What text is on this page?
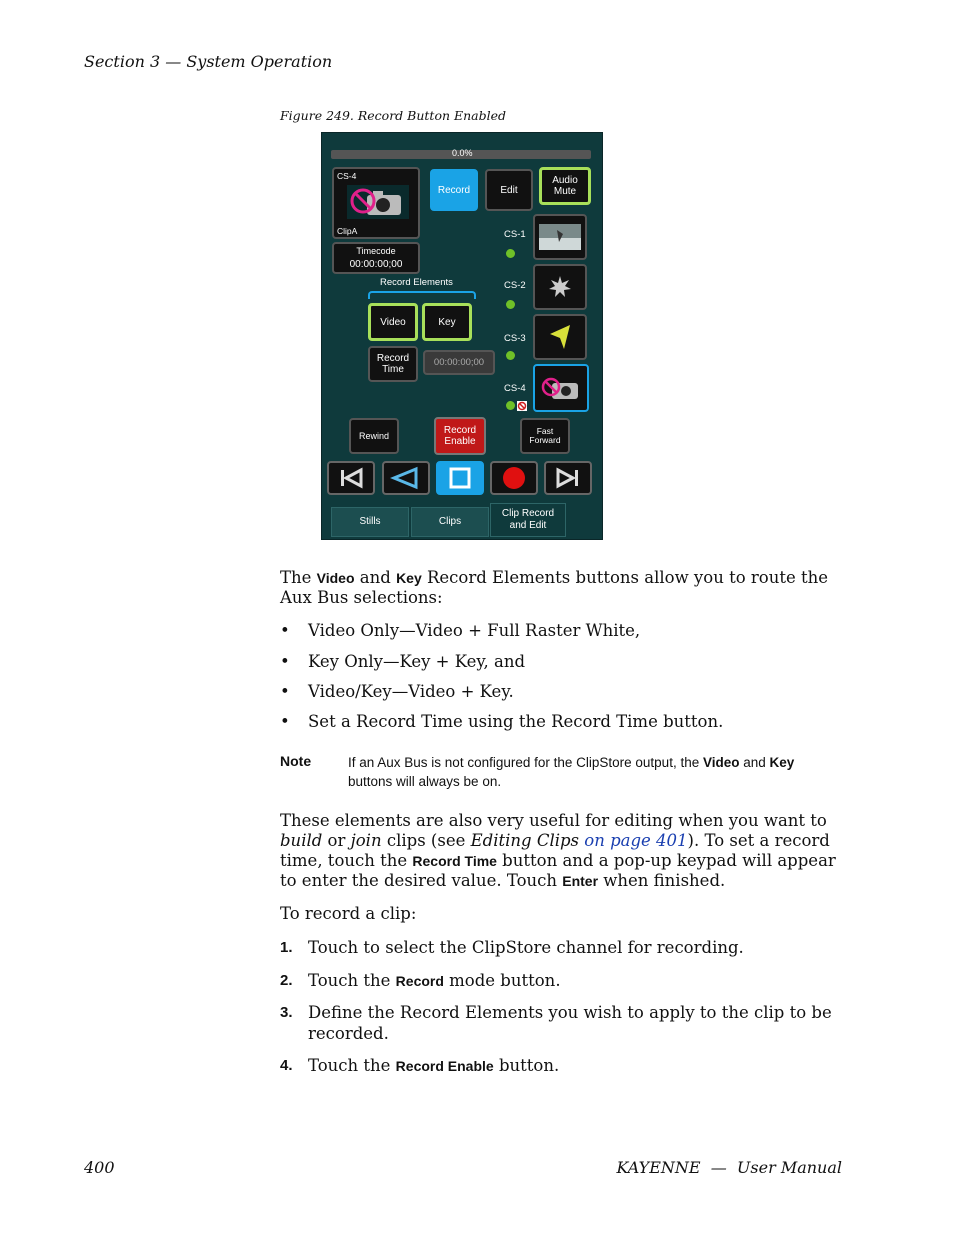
Section 3 — System Operation
Figure 249. Record Button Enabled
0.0%
CS-4
ClipA
Record	Edit
Audio
Mute
Timecode
00:00:00;00
Record Elements
Video	Key
Record
Time
00:00:00;00
CS-1
CS-2
CS-3
CS-4
Rewind	Record
Enable
Fast
Forward
Stills	Clips
Clip Record
and Edit
The Video and Key Record Elements buttons allow you to route the Aux Bus selections:
• Video Only—Video + Full Raster White,
• Key Only—Key + Key, and
• Video/Key—Video + Key.
• Set a Record Time using the Record Time button.
Note	If an Aux Bus is not configured for the ClipStore output, the Video and Key buttons will always be on.
These elements are also very useful for editing when you want to build or join clips (see Editing Clips on page 401). To set a record time, touch the Record Time button and a pop-up keypad will appear to enter the desired value. Touch Enter when finished.
To record a clip:
1. Touch to select the ClipStore channel for recording.
2. Touch the Record mode button.
3. Define the Record Elements you wish to apply to the clip to be recorded.
4. Touch the Record Enable button.
400	KAYENNE  —  User Manual
